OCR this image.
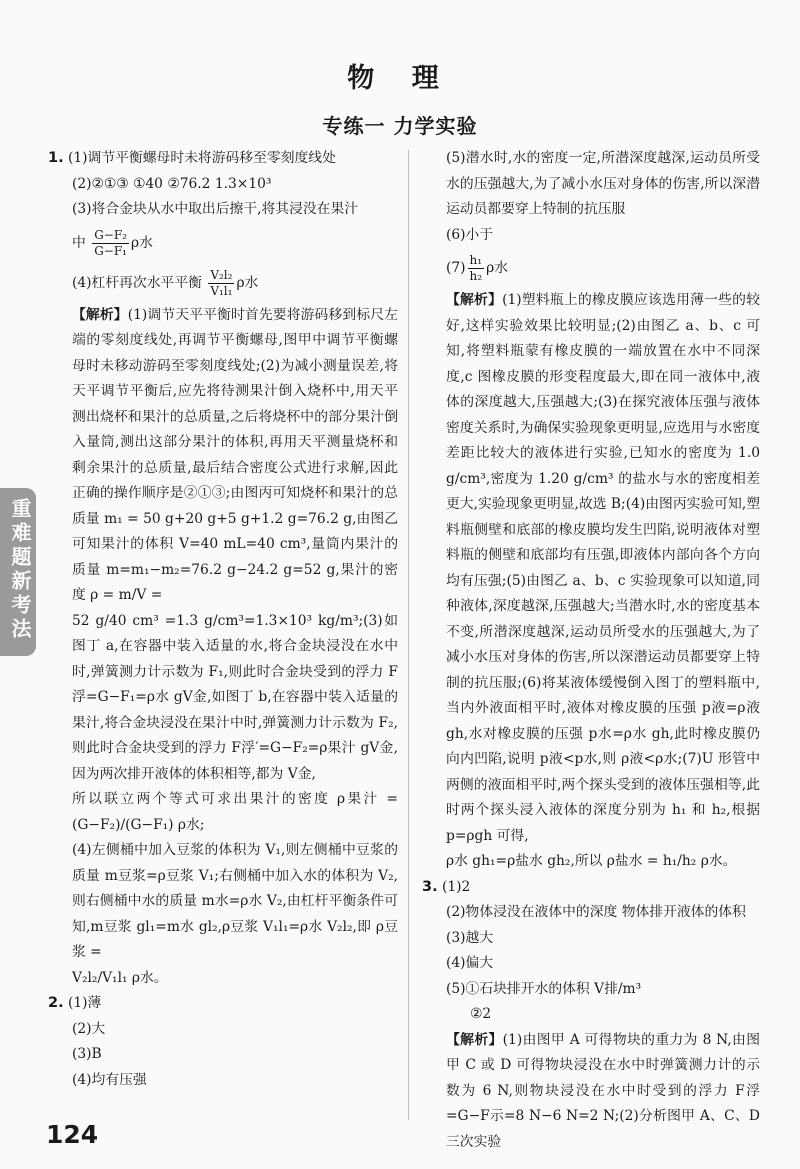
物 理
专练一 力学实验
重难题新考法

1. (1)调节平衡螺母时未将游码移至零刻度线处

(2)②①③ ①40 ②76.2 1.3×10³

(3)将合金块从水中取出后擦干,将其浸没在果汁

中 $\frac{\text{G−F₂}}{\text{G−F₁}}$ ρ水

(4)杠杆再次水平平衡 $\frac{\text{V₂l₂}}{\text{V₁l₁}}$ ρ水

【解析】(1)调节天平平衡时首先要将游码移到标尺左端的零刻度线处,再调节平衡螺母,图甲中调节平衡螺母时未移动游码至零刻度线处;(2)为减小测量误差,将天平调节平衡后,应先将待测果汁倒入烧杯中,用天平测出烧杯和果汁的总质量,之后将烧杯中的部分果汁倒入量筒,测出这部分果汁的体积,再用天平测量烧杯和剩余果汁的总质量,最后结合密度公式进行求解,因此正确的操作顺序是②①③;由图丙可知烧杯和果汁的总质量 m₁ = 50 g+20 g+5 g+1.2 g=76.2 g,由图乙可知果汁的体积 V=40 mL=40 cm³,量筒内果汁的质量 m=m₁−m₂=76.2 g−24.2 g=52 g,果汁的密度 ρ = m/V =

52 g/40 cm³ =1.3 g/cm³=1.3×10³ kg/m³;(3)如图丁 a,在容器中装入适量的水,将合金块浸没在水中时,弹簧测力计示数为 F₁,则此时合金块受到的浮力 F浮=G−F₁=ρ水 gV金,如图丁 b,在容器中装入适量的果汁,将合金块浸没在果汁中时,弹簧测力计示数为 F₂,则此时合金块受到的浮力 F浮′=G−F₂=ρ果汁 gV金,因为两次排开液体的体积相等,都为 V金,

所以联立两个等式可求出果汁的密度 ρ果汁 = (G−F₂)/(G−F₁) ρ水;

(4)左侧桶中加入豆浆的体积为 V₁,则左侧桶中豆浆的质量 m豆浆=ρ豆浆 V₁;右侧桶中加入水的体积为 V₂,则右侧桶中水的质量 m水=ρ水 V₂,由杠杆平衡条件可知,m豆浆 gl₁=m水 gl₂,ρ豆浆 V₁l₁=ρ水 V₂l₂,即 ρ豆浆 =

V₂l₂/V₁l₁ ρ水。

2. (1)薄

(2)大

(3)B

(4)均有压强

(5)潜水时,水的密度一定,所潜深度越深,运动员所受水的压强越大,为了减小水压对身体的伤害,所以深潜运动员都要穿上特制的抗压服

(6)小于

$(7) \frac{\text{h₁}}{\text{h₂}}$ ρ水

【解析】(1)塑料瓶上的橡皮膜应该选用薄一些的较好,这样实验效果比较明显;(2)由图乙 a、b、c 可知,将塑料瓶蒙有橡皮膜的一端放置在水中不同深度,c 图橡皮膜的形变程度最大,即在同一液体中,液体的深度越大,压强越大;(3)在探究液体压强与液体密度关系时,为确保实验现象更明显,应选用与水密度差距比较大的液体进行实验,已知水的密度为 1.0 g/cm³,密度为 1.20 g/cm³ 的盐水与水的密度相差更大,实验现象更明显,故选 B;(4)由图丙实验可知,塑料瓶侧壁和底部的橡皮膜均发生凹陷,说明液体对塑料瓶的侧壁和底部均有压强,即液体内部向各个方向均有压强;(5)由图乙 a、b、c 实验现象可以知道,同种液体,深度越深,压强越大;当潜水时,水的密度基本不变,所潜深度越深,运动员所受水的压强越大,为了减小水压对身体的伤害,所以深潜运动员都要穿上特制的抗压服;(6)将某液体缓慢倒入图丁的塑料瓶中,当内外液面相平时,液体对橡皮膜的压强 p液=ρ液 gh,水对橡皮膜的压强 p水=ρ水 gh,此时橡皮膜仍向内凹陷,说明 p液<p水,则 ρ液<ρ水;(7)U 形管中两侧的液面相平时,两个探头受到的液体压强相等,此时两个探头浸入液体的深度分别为 h₁ 和 h₂,根据 p=ρgh 可得,

ρ水 gh₁=ρ盐水 gh₂,所以 ρ盐水 = h₁/h₂ ρ水。

3. (1)2

(2)物体浸没在液体中的深度 物体排开液体的体积

(3)越大

(4)偏大

(5)①石块排开水的体积 V排/m³

②2

【解析】(1)由图甲 A 可得物块的重力为 8 N,由图甲 C 或 D 可得物块浸没在水中时弹簧测力计的示数为 6 N,则物块浸没在水中时受到的浮力 F浮=G−F示=8 N−6 N=2 N;(2)分析图甲 A、C、D 三次实验

124
